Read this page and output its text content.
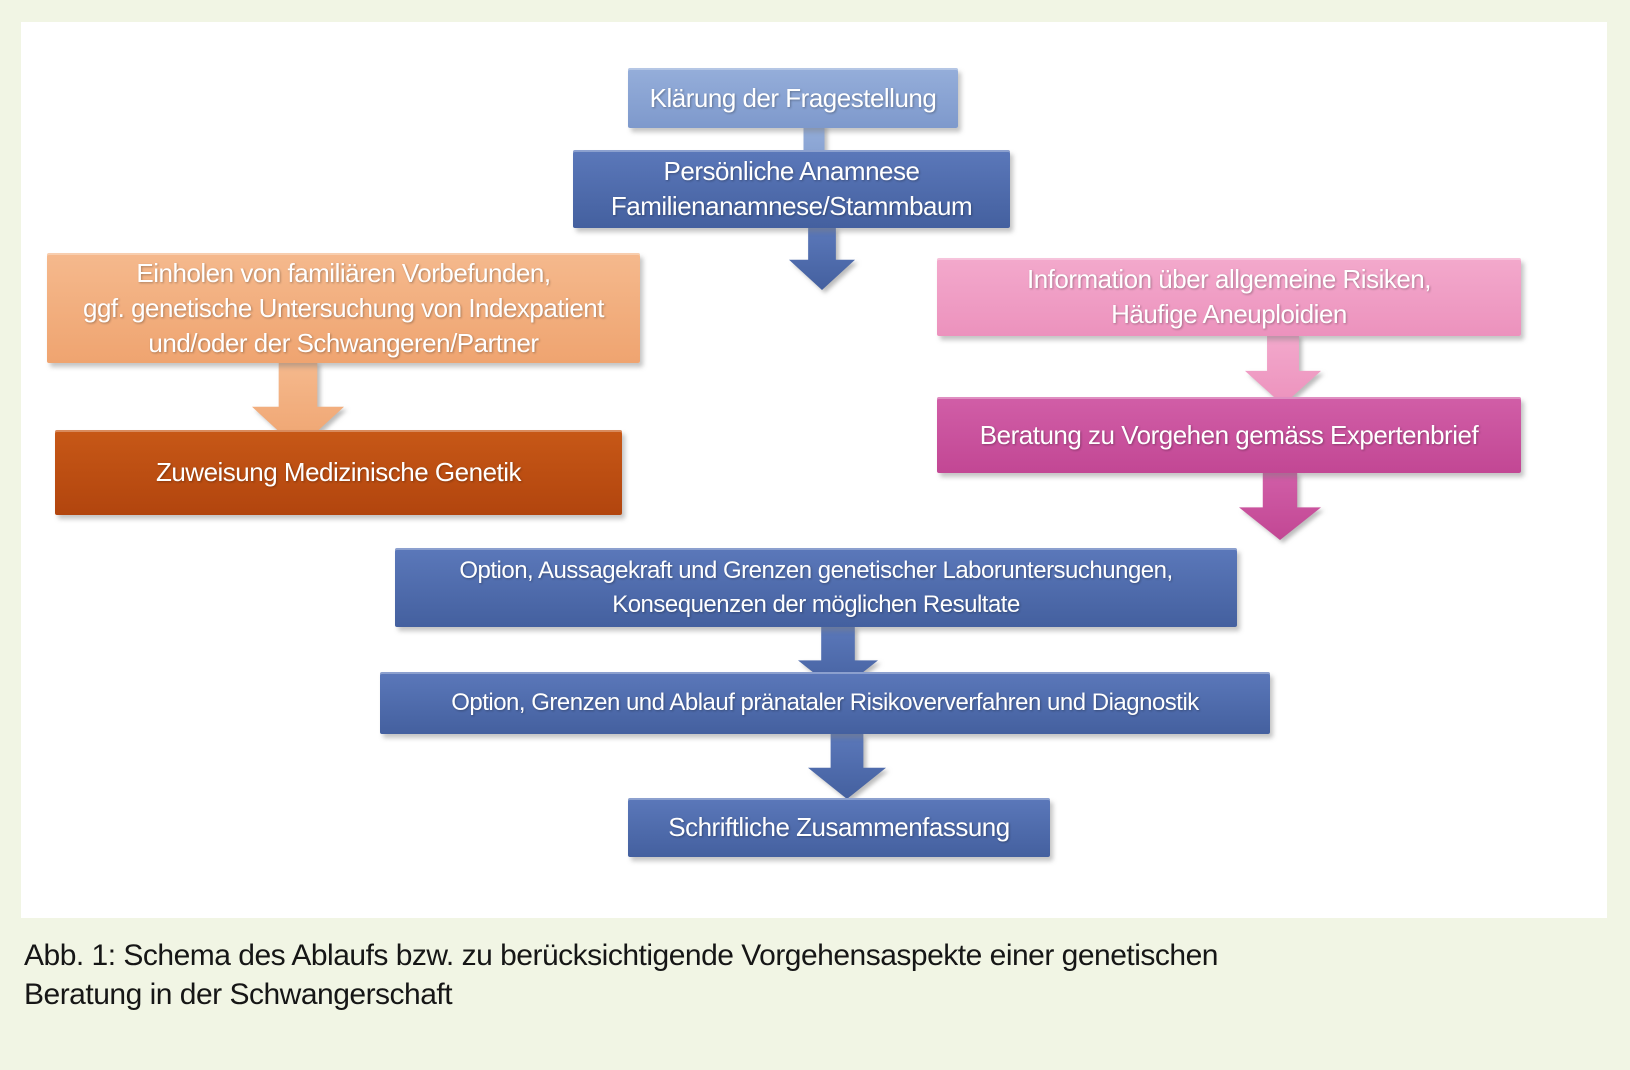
Klärung der Fragestellung
Persönliche Anamnese
Familienanamnese/Stammbaum
Einholen von familiären Vorbefunden,
ggf. genetische Untersuchung von Indexpatient
und/oder der Schwangeren/Partner
Zuweisung Medizinische Genetik
Information über allgemeine Risiken,
Häufige Aneuploidien
Beratung zu Vorgehen gemäss Expertenbrief
Option, Aussagekraft und Grenzen genetischer Laboruntersuchungen,
Konsequenzen der möglichen Resultate
Option, Grenzen und Ablauf pränataler Risikoververfahren und Diagnostik
Schriftliche Zusammenfassung
Abb. 1: Schema des Ablaufs bzw. zu berücksichtigende Vorgehensaspekte einer genetischen
Beratung in der Schwangerschaft
